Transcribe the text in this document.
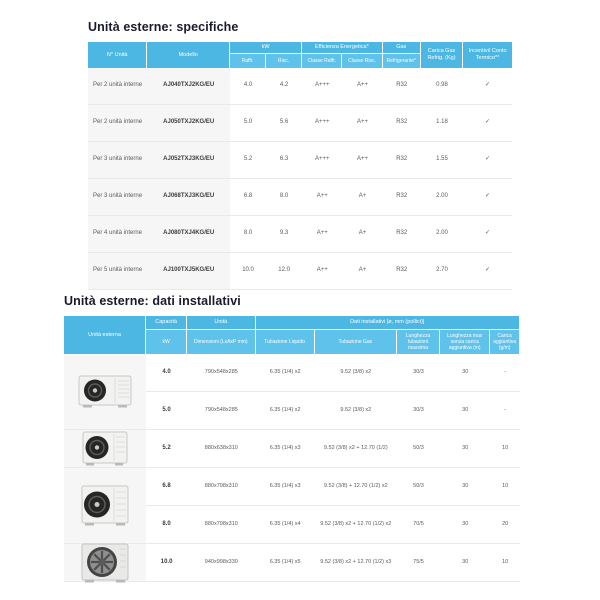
Unità esterne: specifiche
N° Unità	Modello
kW
Raffr.	Risc.
Efficienza Energetica*
Classe Raffr.	Classe Risc.
Gas
Refrigerante*
Carica Gas Refrig. (Kg)
Incentivi/ Conto Termico**
Per 2 unità interne	AJ040TXJ2KG/EU	4.0	4.2	A+++	A++	R32	0.98	✓
Per 2 unità interne	AJ050TXJ2KG/EU	5.0	5.6	A+++	A++	R32	1.18	✓
Per 3 unità interne	AJ052TXJ3KG/EU	5.2	6.3	A+++	A++	R32	1.55	✓
Per 3 unità interne	AJ068TXJ3KG/EU	6.8	8.0	A++	A+	R32	2.00	✓
Per 4 unità interne	AJ080TXJ4KG/EU	8.0	9.3	A++	A+	R32	2.00	✓
Per 5 unità interne	AJ100TXJ5KG/EU	10.0	12.0	A++	A+	R32	2.70	✓
Unità esterne: dati installativi
Unità esterna
Capacità	Unità	Dati installativi [ø, mm (pollici)]
kW	Dimensioni (LxAxP mm)	Tubazione Liquido	Tubazione Gas
Lunghezza tubazioni massima
Lunghezza max senza carica aggiuntiva (m)
Carica aggiuntiva (g/m)
4.0	790x548x285	6.35 (1/4) x2	9.52 (3/8) x2	30/3	30	-
5.0	790x548x285	6.35 (1/4) x2	9.52 (3/8) x2	30/3	30	-
5.2	880x638x310	6.35 (1/4) x3	9.52 (3/8) x2 + 12.70 (1/2)	50/3	30	10
6.8	880x798x310	6.35 (1/4) x3	9.52 (3/8) + 12.70 (1/2) x2	50/3	30	10
8.0	880x798x310	6.35 (1/4) x4	9.52 (3/8) x2 + 12.70 (1/2) x2	70/5	30	20
10.0	940x998x330	6.35 (1/4) x5	9.52 (3/8) x2 + 12.70 (1/2) x3	75/5	30	10
